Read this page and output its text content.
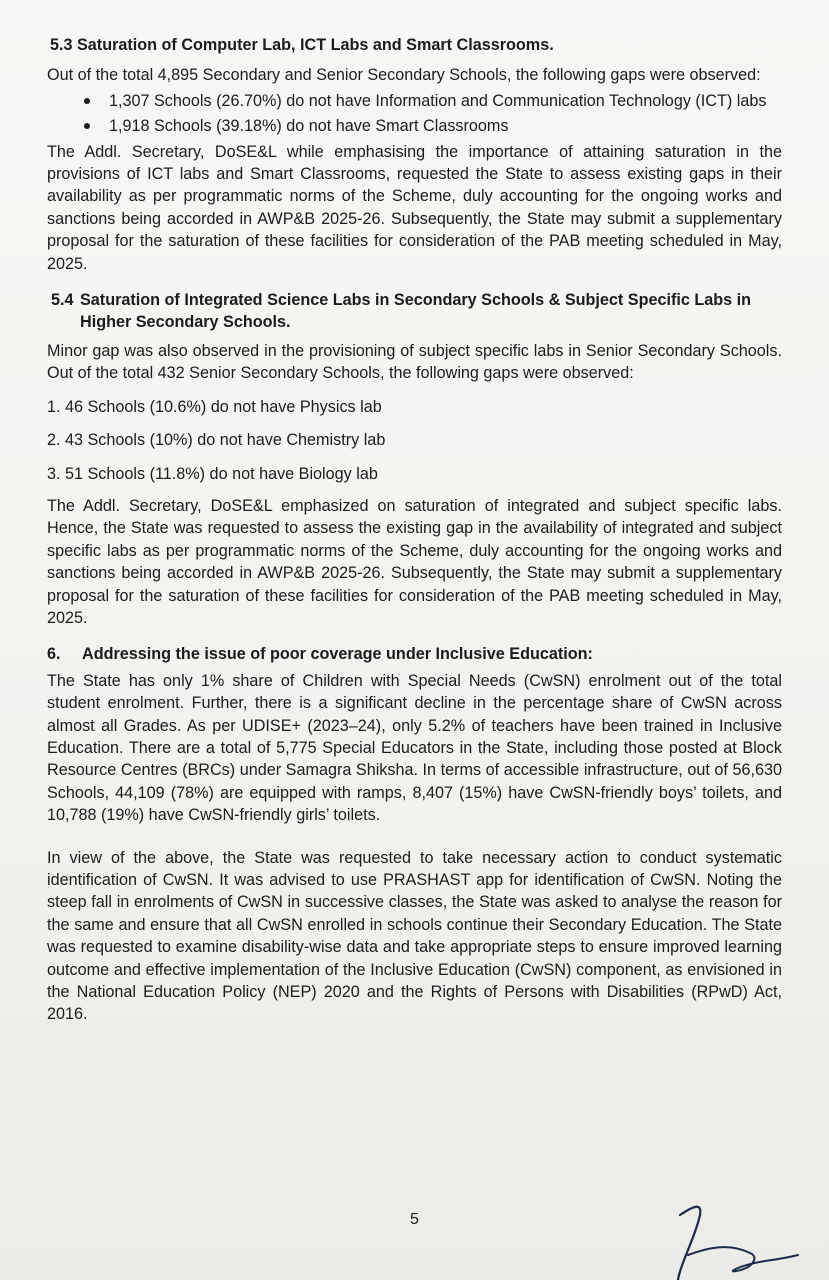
5.3 Saturation of Computer Lab, ICT Labs and Smart Classrooms.

Out of the total 4,895 Secondary and Senior Secondary Schools, the following gaps were observed:

1,307 Schools (26.70%) do not have Information and Communication Technology (ICT) labs
1,918 Schools (39.18%) do not have Smart Classrooms

The Addl. Secretary, DoSE&L while emphasising the importance of attaining saturation in the provisions of ICT labs and Smart Classrooms, requested the State to assess existing gaps in their availability as per programmatic norms of the Scheme, duly accounting for the ongoing works and sanctions being accorded in AWP&B 2025-26. Subsequently, the State may submit a supplementary proposal for the saturation of these facilities for consideration of the PAB meeting scheduled in May, 2025.

5.4 Saturation of Integrated Science Labs in Secondary Schools & Subject Specific Labs in Higher Secondary Schools.

Minor gap was also observed in the provisioning of subject specific labs in Senior Secondary Schools. Out of the total 432 Senior Secondary Schools, the following gaps were observed:

1. 46 Schools (10.6%) do not have Physics lab
2. 43 Schools (10%) do not have Chemistry lab
3. 51 Schools (11.8%) do not have Biology lab

The Addl. Secretary, DoSE&L emphasized on saturation of integrated and subject specific labs. Hence, the State was requested to assess the existing gap in the availability of integrated and subject specific labs as per programmatic norms of the Scheme, duly accounting for the ongoing works and sanctions being accorded in AWP&B 2025-26. Subsequently, the State may submit a supplementary proposal for the saturation of these facilities for consideration of the PAB meeting scheduled in May, 2025.

6.	Addressing the issue of poor coverage under Inclusive Education:

The State has only 1% share of Children with Special Needs (CwSN) enrolment out of the total student enrolment. Further, there is a significant decline in the percentage share of CwSN across almost all Grades. As per UDISE+ (2023–24), only 5.2% of teachers have been trained in Inclusive Education. There are a total of 5,775 Special Educators in the State, including those posted at Block Resource Centres (BRCs) under Samagra Shiksha. In terms of accessible infrastructure, out of 56,630 Schools, 44,109 (78%) are equipped with ramps, 8,407 (15%) have CwSN-friendly boys’ toilets, and 10,788 (19%) have CwSN-friendly girls’ toilets.

In view of the above, the State was requested to take necessary action to conduct systematic identification of CwSN. It was advised to use PRASHAST app for identification of CwSN. Noting the steep fall in enrolments of CwSN in successive classes, the State was asked to analyse the reason for the same and ensure that all CwSN enrolled in schools continue their Secondary Education. The State was requested to examine disability-wise data and take appropriate steps to ensure improved learning outcome and effective implementation of the Inclusive Education (CwSN) component, as envisioned in the National Education Policy (NEP) 2020 and the Rights of Persons with Disabilities (RPwD) Act, 2016.

5
